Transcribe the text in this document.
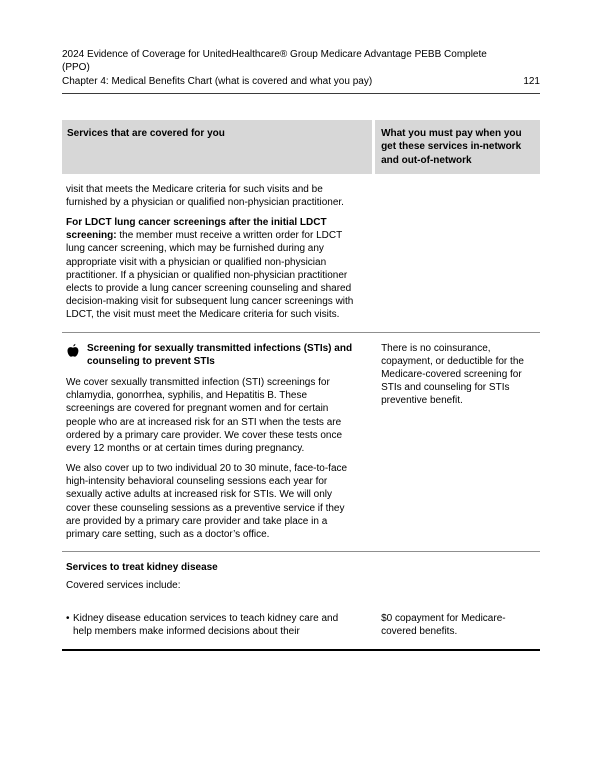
2024 Evidence of Coverage for UnitedHealthcare® Group Medicare Advantage PEBB Complete
(PPO)
Chapter 4: Medical Benefits Chart (what is covered and what you pay)	121
Services that are covered for you	What you must pay when you get these services in-network and out-of-network

visit that meets the Medicare criteria for such visits and be furnished by a physician or qualified non-physician practitioner.

For LDCT lung cancer screenings after the initial LDCT screening: the member must receive a written order for LDCT lung cancer screening, which may be furnished during any appropriate visit with a physician or qualified non-physician practitioner. If a physician or qualified non-physician practitioner elects to provide a lung cancer screening counseling and shared decision-making visit for subsequent lung cancer screenings with LDCT, the visit must meet the Medicare criteria for such visits.

Screening for sexually transmitted infections (STIs) and counseling to prevent STIs

We cover sexually transmitted infection (STI) screenings for chlamydia, gonorrhea, syphilis, and Hepatitis B. These screenings are covered for pregnant women and for certain people who are at increased risk for an STI when the tests are ordered by a primary care provider. We cover these tests once every 12 months or at certain times during pregnancy.

We also cover up to two individual 20 to 30 minute, face-to-face high-intensity behavioral counseling sessions each year for sexually active adults at increased risk for STIs. We will only cover these counseling sessions as a preventive service if they are provided by a primary care provider and take place in a primary care setting, such as a doctor’s office.

There is no coinsurance, copayment, or deductible for the Medicare-covered screening for STIs and counseling for STIs preventive benefit.

Services to treat kidney disease

Covered services include:

• Kidney disease education services to teach kidney care and help members make informed decisions about their

$0 copayment for Medicare-covered benefits.
